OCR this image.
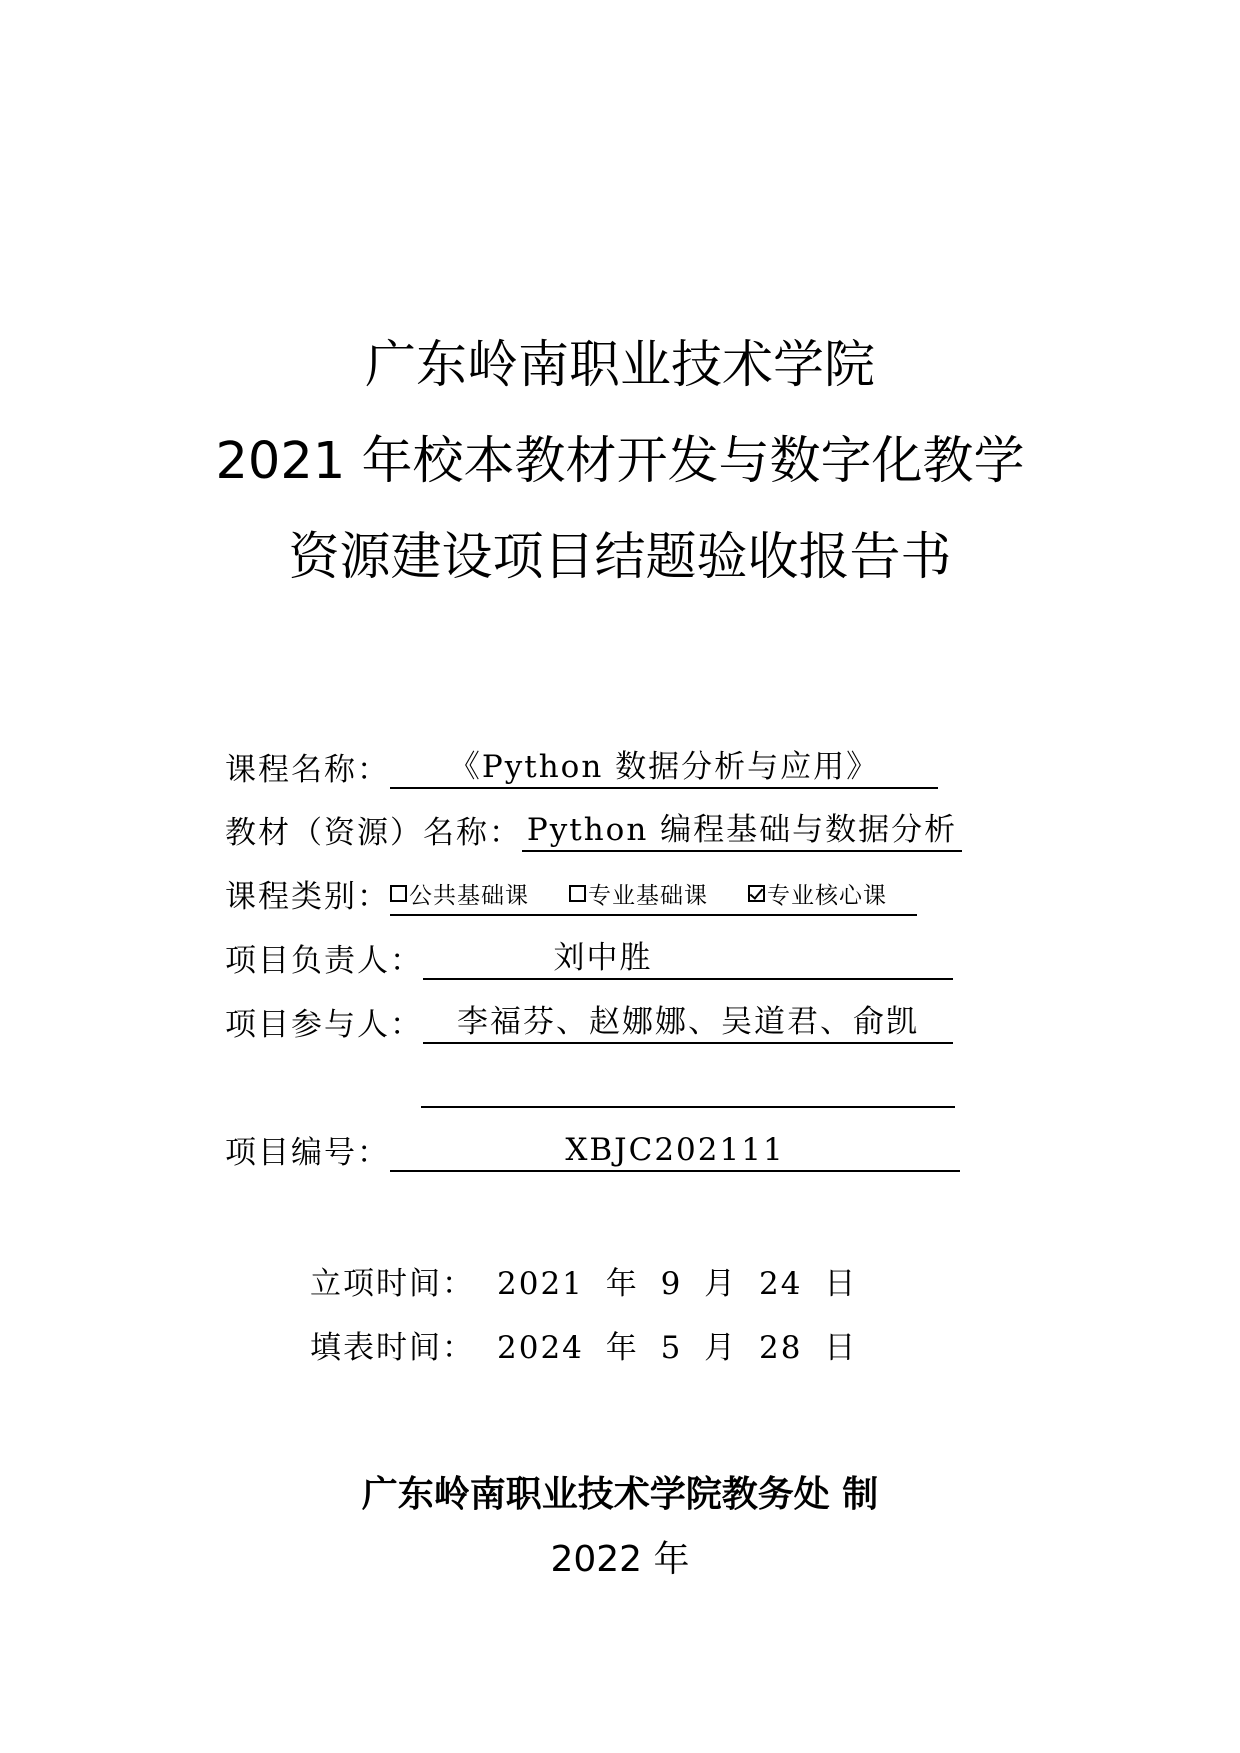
广东岭南职业技术学院
2021 年校本教材开发与数字化教学
资源建设项目结题验收报告书
课程名称：	《Python 数据分析与应用》
教材（资源）名称： Python 编程基础与数据分析
课程类别： 公共基础课	专业基础课	专业核心课
项目负责人：	刘中胜
项目参与人：	李福芬、赵娜娜、吴道君、俞凯
项目编号：	XBJC202111
立项时间： 2021 年 9 月 24 日
填表时间： 2024 年 5 月 28 日
广东岭南职业技术学院教务处 制
2022 年
